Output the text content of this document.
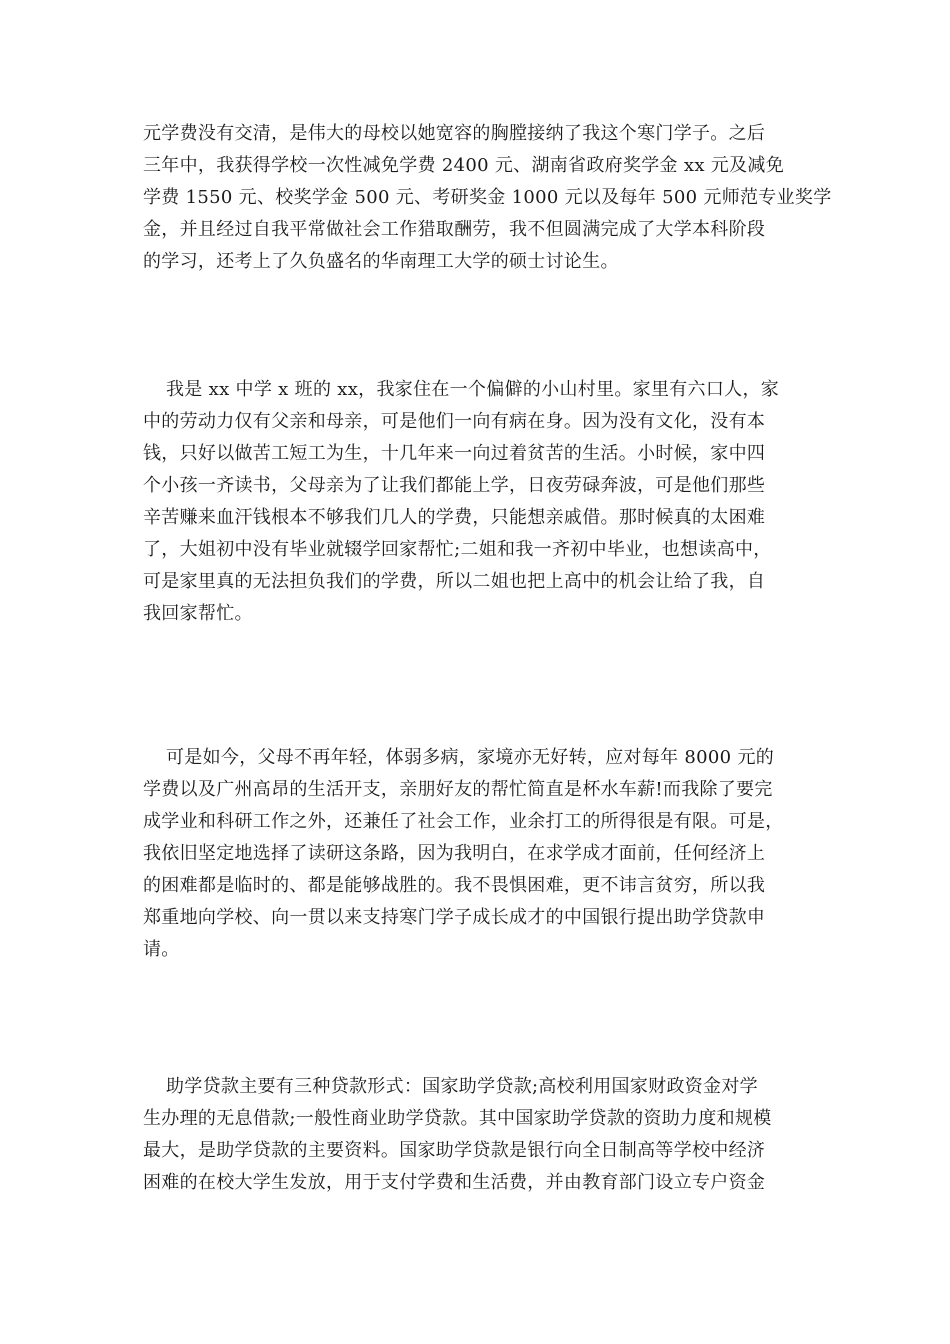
元学费没有交清，是伟大的母校以她宽容的胸膛接纳了我这个寒门学子。之后
三年中，我获得学校一次性减免学费 2400 元、湖南省政府奖学金 xx 元及减免
学费 1550 元、校奖学金 500 元、考研奖金 1000 元以及每年 500 元师范专业奖学
金，并且经过自我平常做社会工作猎取酬劳，我不但圆满完成了大学本科阶段
的学习，还考上了久负盛名的华南理工大学的硕士讨论生。

我是 xx 中学 x 班的 xx，我家住在一个偏僻的小山村里。家里有六口人，家
中的劳动力仅有父亲和母亲，可是他们一向有病在身。因为没有文化，没有本
钱，只好以做苦工短工为生，十几年来一向过着贫苦的生活。小时候，家中四
个小孩一齐读书，父母亲为了让我们都能上学，日夜劳碌奔波，可是他们那些
辛苦赚来血汗钱根本不够我们几人的学费，只能想亲戚借。那时候真的太困难
了，大姐初中没有毕业就辍学回家帮忙;二姐和我一齐初中毕业，也想读高中，
可是家里真的无法担负我们的学费，所以二姐也把上高中的机会让给了我，自
我回家帮忙。

可是如今，父母不再年轻，体弱多病，家境亦无好转，应对每年 8000 元的
学费以及广州高昂的生活开支，亲朋好友的帮忙简直是杯水车薪!而我除了要完
成学业和科研工作之外，还兼任了社会工作，业余打工的所得很是有限。可是，
我依旧坚定地选择了读研这条路，因为我明白，在求学成才面前，任何经济上
的困难都是临时的、都是能够战胜的。我不畏惧困难，更不讳言贫穷，所以我
郑重地向学校、向一贯以来支持寒门学子成长成才的中国银行提出助学贷款申
请。

助学贷款主要有三种贷款形式：国家助学贷款;高校利用国家财政资金对学
生办理的无息借款;一般性商业助学贷款。其中国家助学贷款的资助力度和规模
最大，是助学贷款的主要资料。国家助学贷款是银行向全日制高等学校中经济
困难的在校大学生发放，用于支付学费和生活费，并由教育部门设立专户资金
